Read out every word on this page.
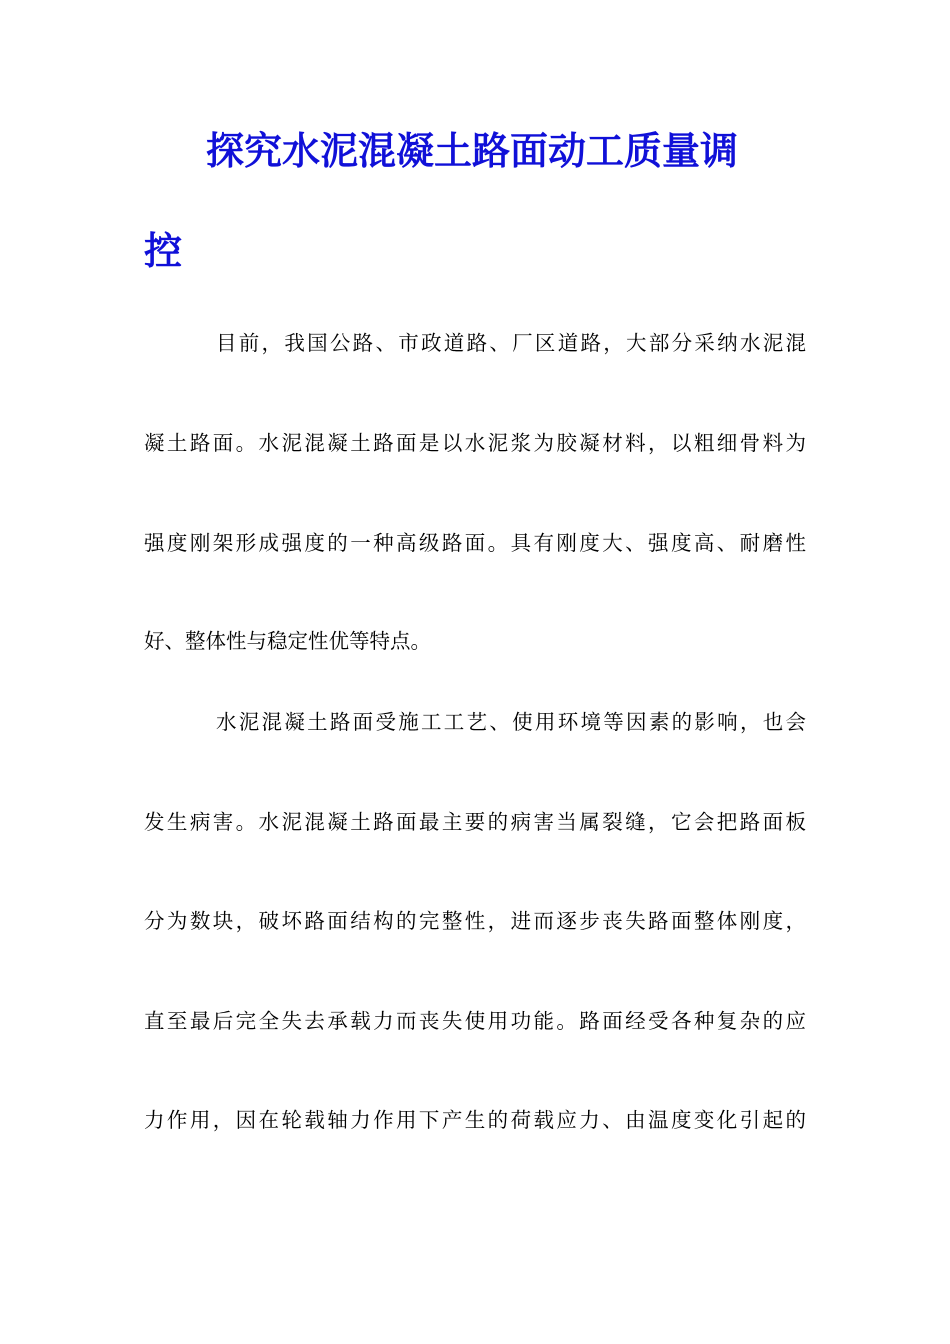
探究水泥混凝土路面动工质量调
控

目前，我国公路、市政道路、厂区道路，大部分采纳水泥混

凝土路面。水泥混凝土路面是以水泥浆为胶凝材料，以粗细骨料为

强度刚架形成强度的一种高级路面。具有刚度大、强度高、耐磨性

好、整体性与稳定性优等特点。

水泥混凝土路面受施工工艺、使用环境等因素的影响，也会

发生病害。水泥混凝土路面最主要的病害当属裂缝，它会把路面板

分为数块，破坏路面结构的完整性，进而逐步丧失路面整体刚度，

直至最后完全失去承载力而丧失使用功能。路面经受各种复杂的应

力作用，因在轮载轴力作用下产生的荷载应力、由温度变化引起的
